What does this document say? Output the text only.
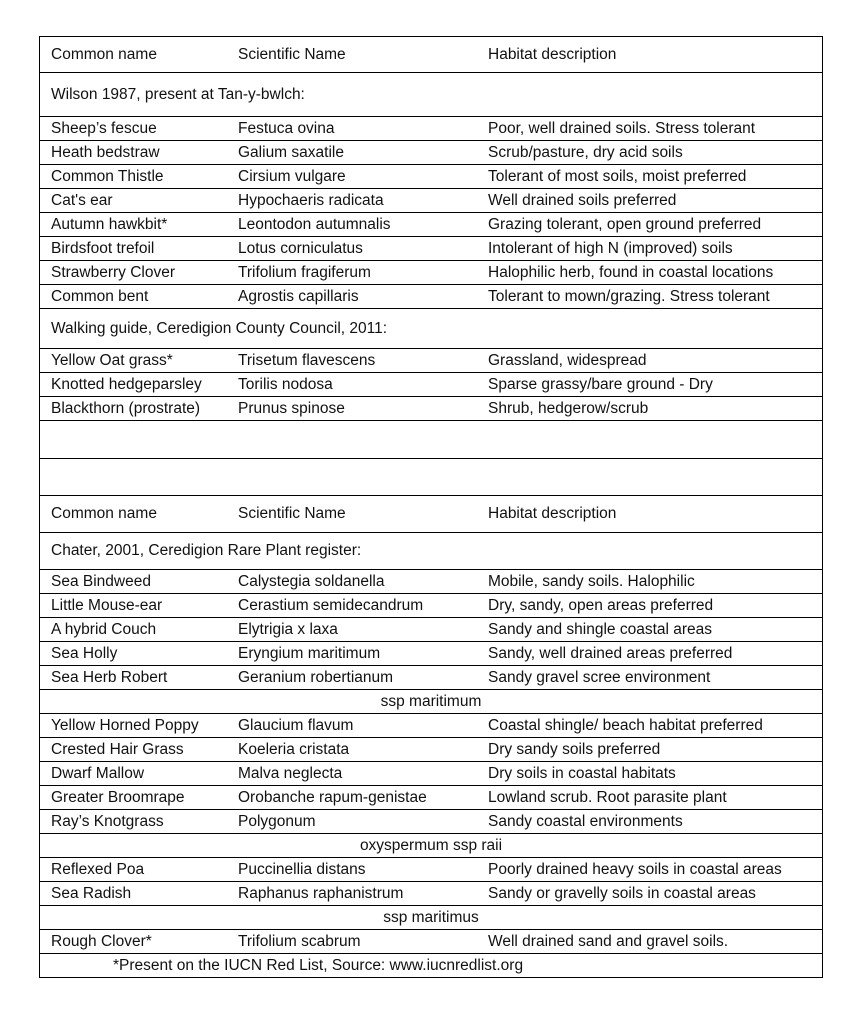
Common name	Scientific Name	Habitat description
Wilson 1987, present at Tan-y-bwlch:		
Sheep’s fescue	Festuca ovina	Poor, well drained soils. Stress tolerant
Heath bedstraw	Galium saxatile	Scrub/pasture, dry acid soils
Common Thistle	Cirsium vulgare	Tolerant of most soils, moist preferred
Cat's ear	Hypochaeris radicata	Well drained soils preferred
Autumn hawkbit*	Leontodon autumnalis	Grazing tolerant, open ground preferred
Birdsfoot trefoil	Lotus corniculatus	Intolerant of high N (improved) soils
Strawberry Clover	Trifolium fragiferum	Halophilic herb, found in coastal locations
Common bent	Agrostis capillaris	Tolerant to mown/grazing. Stress tolerant
Walking guide, Ceredigion County Council, 2011:		
Yellow Oat grass*	Trisetum flavescens	Grassland, widespread
Knotted hedgeparsley	Torilis nodosa	Sparse grassy/bare ground - Dry
Blackthorn (prostrate)	Prunus spinose	Shrub, hedgerow/scrub

Common name	Scientific Name	Habitat description
Chater, 2001, Ceredigion Rare Plant register:		
Sea Bindweed	Calystegia soldanella	Mobile, sandy soils. Halophilic
Little Mouse-ear	Cerastium semidecandrum	Dry, sandy, open areas preferred
A hybrid Couch	Elytrigia x laxa	Sandy and shingle coastal areas
Sea Holly	Eryngium maritimum	Sandy, well drained areas preferred
Sea Herb Robert	Geranium robertianum	Sandy gravel scree environment
ssp maritimum		
Yellow Horned Poppy	Glaucium flavum	Coastal shingle/ beach habitat preferred
Crested Hair Grass	Koeleria cristata	Dry sandy soils preferred
Dwarf Mallow	Malva neglecta	Dry soils in coastal habitats
Greater Broomrape	Orobanche rapum-genistae	Lowland scrub. Root parasite plant
Ray’s Knotgrass	Polygonum	Sandy coastal environments
oxyspermum ssp raii		
Reflexed Poa	Puccinellia distans	Poorly drained heavy soils in coastal areas
Sea Radish	Raphanus raphanistrum	Sandy or gravelly soils in coastal areas
ssp maritimus		
Rough Clover*	Trifolium scabrum	Well drained sand and gravel soils.
*Present on the IUCN Red List, Source: www.iucnredlist.org		
